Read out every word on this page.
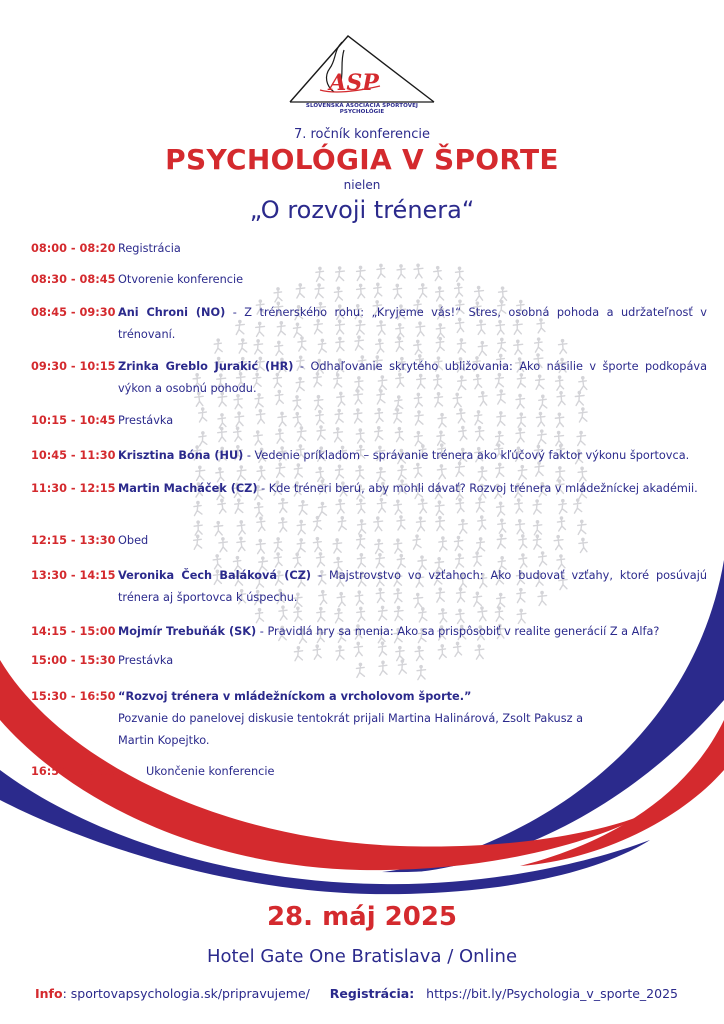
ASP
SLOVENSKÁ ASOCIÁCIA ŠPORTOVEJ PSYCHOLÓGIE
7. ročník konferencie
PSYCHOLÓGIA V ŠPORTE
nielen
„O rozvoji trénera“
08:00 - 08:20 Registrácia
08:30 - 08:45 Otvorenie konferencie
08:45 - 09:30 Ani Chroni (NO) - Z trénerského rohu: „Kryjeme vás!“ Stres, osobná pohoda a udržateľnosť v trénovaní.
09:30 - 10:15 Zrinka Greblo Jurakić (HR) - Odhaľovanie skrytého ubližovania: Ako násilie v športe podkopáva výkon a osobnú pohodu.
10:15 - 10:45 Prestávka
10:45 - 11:30 Krisztina Bóna (HU) - Vedenie príkladom – správanie trénera ako kľúčový faktor výkonu športovca.
11:30 - 12:15 Martin Macháček (CZ) - Kde tréneri berú, aby mohli dávať? Rozvoj trénera v mládežníckej akadémii.
12:15 - 13:30 Obed
13:30 - 14:15 Veronika Čech Baláková (CZ) - Majstrovstvo vo vzťahoch: Ako budovať vzťahy, ktoré posúvajú trénera aj športovca k úspechu.
14:15 - 15:00 Mojmír Trebuňák (SK) - Pravidlá hry sa menia: Ako sa prispôsobiť v realite generácií Z a Alfa?
15:00 - 15:30 Prestávka
15:30 - 16:50 “Rozvoj trénera v mládežníckom a vrcholovom športe.”
Pozvanie do panelovej diskusie tentokrát prijali Martina Halinárová, Zsolt Pakusz a Martin Kopejtko.
16:50 - 17:00	Ukončenie konferencie
28. máj 2025
Hotel Gate One Bratislava / Online
Info: sportovapsychologia.sk/pripravujeme/ Registrácia: https://bit.ly/Psychologia_v_sporte_2025
